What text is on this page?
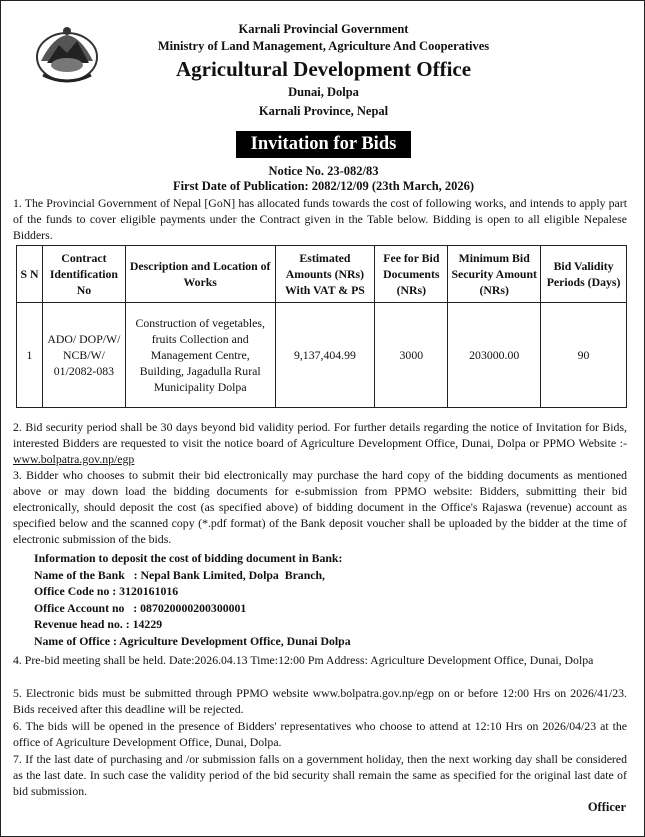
Karnali Provincial Government
Ministry of Land Management, Agriculture And Cooperatives
Agricultural Development Office
Dunai, Dolpa
Karnali Province, Nepal
Invitation for Bids
Notice No. 23-082/83
First Date of Publication: 2082/12/09 (23th March, 2026)
1. The Provincial Government of Nepal [GoN] has allocated funds towards the cost of following works, and intends to apply part of the funds to cover eligible payments under the Contract given in the Table below. Bidding is open to all eligible Nepalese Bidders.
S N	Contract Identification No	Description and Location of Works	Estimated Amounts (NRs) With VAT & PS	Fee for Bid Documents (NRs)	Minimum Bid Security Amount (NRs)	Bid Validity Periods (Days)
1	ADO/ DOP/W/ NCB/W/ 01/2082-083	Construction of vegetables, fruits Collection and Management Centre, Building, Jagadulla Rural Municipality Dolpa	9,137,404.99	3000	203000.00	90
2. Bid security period shall be 30 days beyond bid validity period. For further details regarding the notice of Invitation for Bids, interested Bidders are requested to visit the notice board of Agriculture Development Office, Dunai, Dolpa or PPMO Website :- www.bolpatra.gov.np/egp
3. Bidder who chooses to submit their bid electronically may purchase the hard copy of the bidding documents as mentioned above or may down load the bidding documents for e-submission from PPMO website: Bidders, submitting their bid electronically, should deposit the cost (as specified above) of bidding document in the Office's Rajaswa (revenue) account as specified below and the scanned copy (*.pdf format) of the Bank deposit voucher shall be uploaded by the bidder at the time of electronic submission of the bids.
Information to deposit the cost of bidding document in Bank:
Name of the Bank   : Nepal Bank Limited, Dolpa  Branch,
Office Code no : 3120161016
Office Account no   : 087020000200300001
Revenue head no. : 14229
Name of Office : Agriculture Development Office, Dunai Dolpa
4. Pre-bid meeting shall be held. Date:2026.04.13 Time:12:00 Pm Address: Agriculture Development Office, Dunai, Dolpa
5. Electronic bids must be submitted through PPMO website www.bolpatra.gov.np/egp on or before 12:00 Hrs on 2026/41/23. Bids received after this deadline will be rejected.
6. The bids will be opened in the presence of Bidders' representatives who choose to attend at 12:10 Hrs on 2026/04/23 at the office of Agriculture Development Office, Dunai, Dolpa.
7. If the last date of purchasing and /or submission falls on a government holiday, then the next working day shall be considered as the last date. In such case the validity period of the bid security shall remain the same as specified for the original last date of bid submission.
Officer
